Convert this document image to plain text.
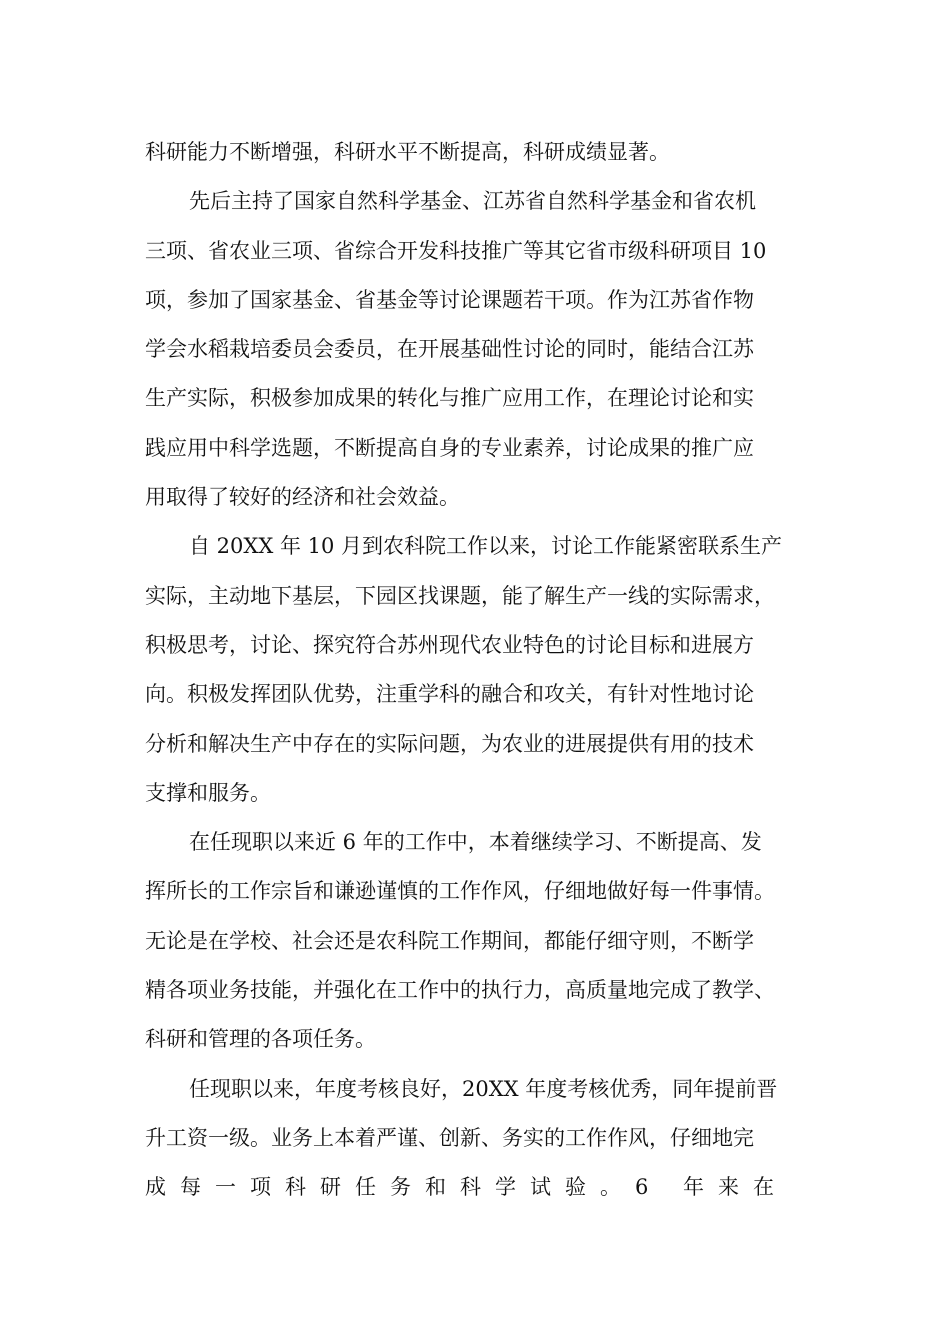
科研能力不断增强，科研水平不断提高，科研成绩显著。
先后主持了国家自然科学基金、江苏省自然科学基金和省农机
三项、省农业三项、省综合开发科技推广等其它省市级科研项目 10
项，参加了国家基金、省基金等讨论课题若干项。作为江苏省作物
学会水稻栽培委员会委员，在开展基础性讨论的同时，能结合江苏
生产实际，积极参加成果的转化与推广应用工作，在理论讨论和实
践应用中科学选题，不断提高自身的专业素养，讨论成果的推广应
用取得了较好的经济和社会效益。
自 20XX 年 10 月到农科院工作以来，讨论工作能紧密联系生产
实际，主动地下基层，下园区找课题，能了解生产一线的实际需求，
积极思考，讨论、探究符合苏州现代农业特色的讨论目标和进展方
向。积极发挥团队优势，注重学科的融合和攻关，有针对性地讨论
分析和解决生产中存在的实际问题，为农业的进展提供有用的技术
支撑和服务。
在任现职以来近 6 年的工作中，本着继续学习、不断提高、发
挥所长的工作宗旨和谦逊谨慎的工作作风，仔细地做好每一件事情。
无论是在学校、社会还是农科院工作期间，都能仔细守则，不断学
精各项业务技能，并强化在工作中的执行力，高质量地完成了教学、
科研和管理的各项任务。
任现职以来，年度考核良好，20XX 年度考核优秀，同年提前晋
升工资一级。业务上本着严谨、创新、务实的工作作风，仔细地完
成每一项科研任务和科学试验。6 年来在
